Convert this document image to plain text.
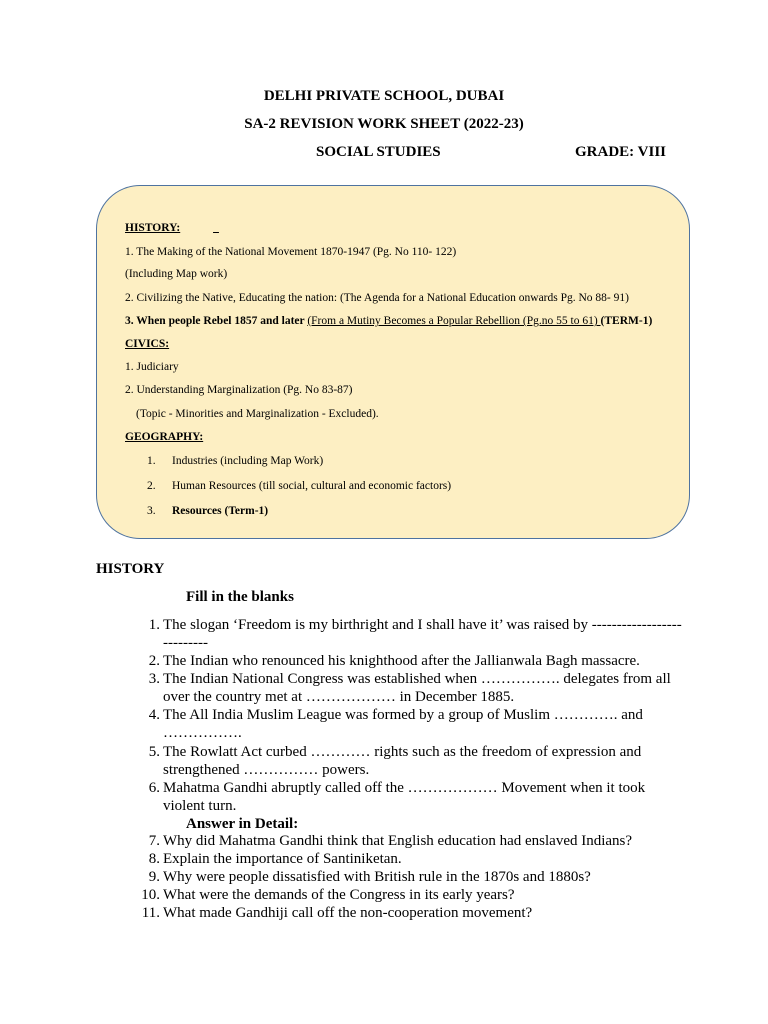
DELHI PRIVATE SCHOOL, DUBAI
SA-2 REVISION WORK SHEET (2022-23)
SOCIAL STUDIES	GRADE: VIII
HISTORY:	_
1. The Making of the National Movement 1870-1947 (Pg. No 110- 122)
(Including Map work)
2. Civilizing the Native, Educating the nation: (The Agenda for a National Education onwards Pg. No 88- 91)
3. When people Rebel 1857 and later (From a Mutiny Becomes a Popular Rebellion (Pg.no 55 to 61) (TERM-1)
CIVICS:
1. Judiciary
2. Understanding Marginalization (Pg. No 83-87)
(Topic - Minorities and Marginalization - Excluded).
GEOGRAPHY:
1. Industries (including Map Work)
2. Human Resources (till social, cultural and economic factors)
3. Resources (Term-1)
HISTORY
Fill in the blanks
1. The slogan ‘Freedom is my birthright and I shall have it’ was raised by ---------------------------
2. The Indian who renounced his knighthood after the Jallianwala Bagh massacre.
3. The Indian National Congress was established when ……………. delegates from all over the country met at ……………… in December 1885.
4. The All India Muslim League was formed by a group of Muslim …………. and …………….
5. The Rowlatt Act curbed ………… rights such as the freedom of expression and strengthened …………… powers.
6. Mahatma Gandhi abruptly called off the ……………… Movement when it took violent turn.
Answer in Detail:
7. Why did Mahatma Gandhi think that English education had enslaved Indians?
8. Explain the importance of Santiniketan.
9. Why were people dissatisfied with British rule in the 1870s and 1880s?
10. What were the demands of the Congress in its early years?
11. What made Gandhiji call off the non-cooperation movement?
